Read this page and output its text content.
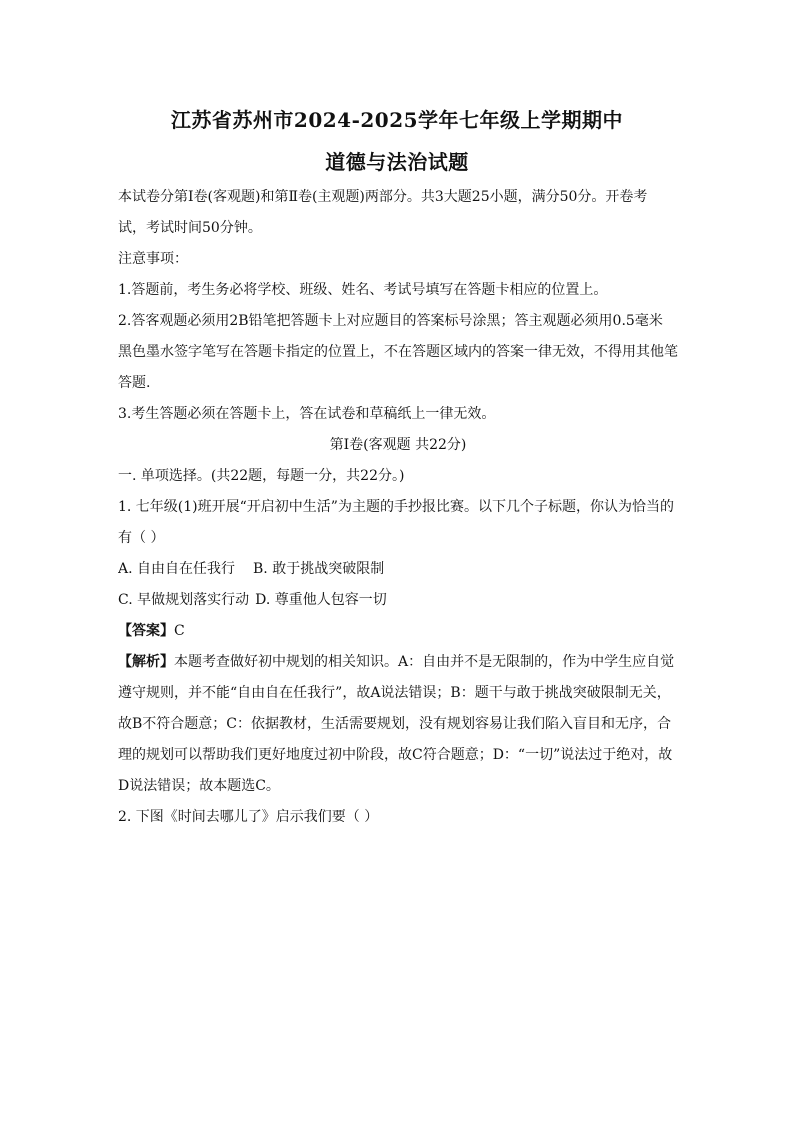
江苏省苏州市2024-2025学年七年级上学期期中
道德与法治试题
本试卷分第Ⅰ卷(客观题)和第Ⅱ卷(主观题)两部分。共3大题25小题，满分50分。开卷考
试，考试时间50分钟。
注意事项：
1.答题前，考生务必将学校、班级、姓名、考试号填写在答题卡相应的位置上。
2.答客观题必须用2B铅笔把答题卡上对应题目的答案标号涂黑；答主观题必须用0.5毫米
黑色墨水签字笔写在答题卡指定的位置上，不在答题区域内的答案一律无效，不得用其他笔
答题.
3.考生答题必须在答题卡上，答在试卷和草稿纸上一律无效。
第Ⅰ卷(客观题 共22分)
一. 单项选择。(共22题，每题一分，共22分。)
1. 七年级(1)班开展“开启初中生活”为主题的手抄报比赛。以下几个子标题，你认为恰当的
有（ ）
A. 自由自在任我行 B. 敢于挑战突破限制
C. 早做规划落实行动 D. 尊重他人包容一切
【答案】C
【解析】本题考查做好初中规划的相关知识。A：自由并不是无限制的，作为中学生应自觉
遵守规则，并不能“自由自在任我行”，故A说法错误；B：题干与敢于挑战突破限制无关，
故B不符合题意；C：依据教材，生活需要规划，没有规划容易让我们陷入盲目和无序，合
理的规划可以帮助我们更好地度过初中阶段，故C符合题意；D：“一切”说法过于绝对，故
D说法错误；故本题选C。
2. 下图《时间去哪儿了》启示我们要（ ）
